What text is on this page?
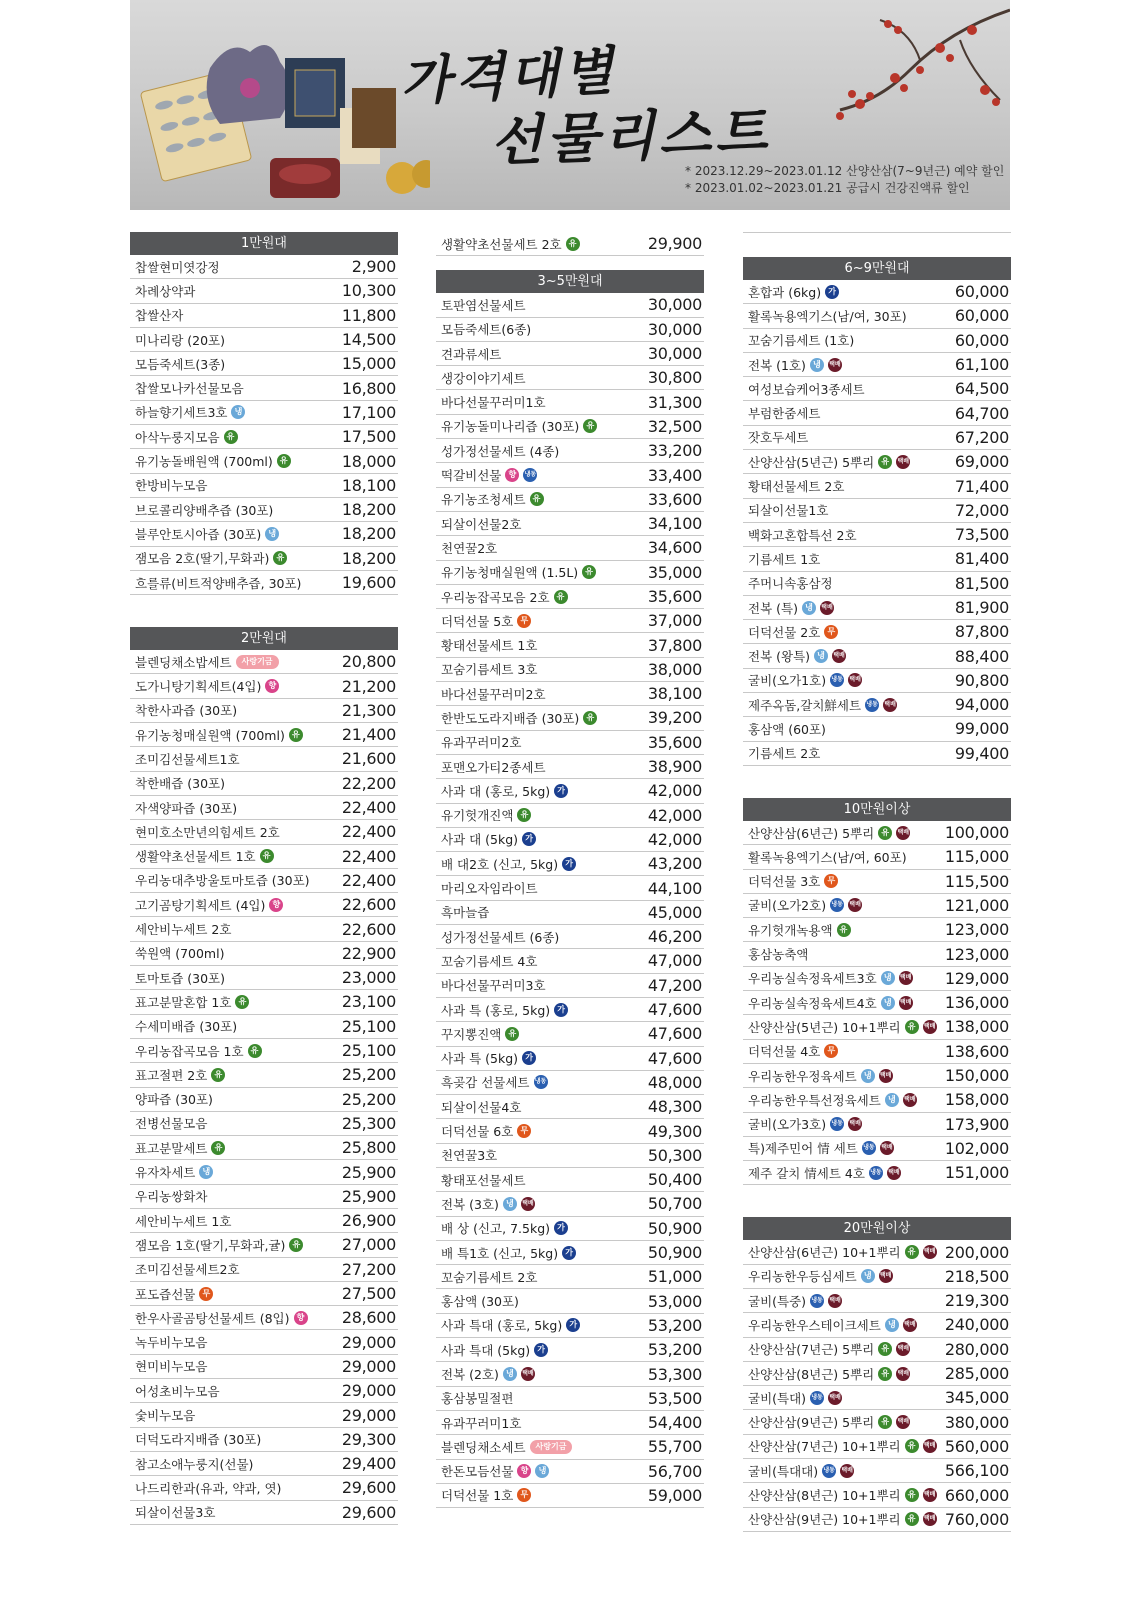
가격대별
선물리스트
* 2023.12.29~2023.01.12 산양산삼(7~9년근) 예약 할인
* 2023.01.02~2023.01.21 공급시 건강진액류 할인
1만원대
찹쌀현미엿강정	2,900
차례상약과	10,300
찹쌀산자	11,800
미나리랑 (20포)	14,500
모듬죽세트(3종)	15,000
찹쌀모나카선물모음	16,800
하늘향기세트3호 냉	17,100
아삭누룽지모음 유	17,500
유기농돌배원액 (700ml) 유	18,000
한방비누모음	18,100
브로콜리양배추즙 (30포)	18,200
블루안토시아즙 (30포) 냉	18,200
잼모음 2호(딸기,무화과) 유	18,200
흐를류(비트적양배추즙, 30포)	19,600
2만원대
블렌딩채소밥세트	사랑기금	20,800
도가니탕기획세트(4입) 향	21,200
착한사과즙 (30포)	21,300
유기농청매실원액 (700ml) 유	21,400
조미김선물세트1호	21,600
착한배즙 (30포)	22,200
자색양파즙 (30포)	22,400
현미호소만년의힘세트 2호	22,400
생활약초선물세트 1호 유	22,400
우리농대추방울토마토즙 (30포) 22,400
고기곰탕기획세트 (4입) 향	22,600
세안비누세트 2호	22,600
쑥원액 (700ml)	22,900
토마토즙 (30포)	23,000
표고분말혼합 1호 유	23,100
수세미배즙 (30포)	25,100
우리농잡곡모음 1호 유	25,100
표고절편 2호 유	25,200
양파즙 (30포)	25,200
전병선물모음	25,300
표고분말세트 유	25,800
유자차세트 냉	25,900
우리농쌍화차	25,900
세안비누세트 1호	26,900
잼모음 1호(딸기,무화과,귤) 유	27,000
조미김선물세트2호	27,200
포도즙선물 무	27,500
한우사골곰탕선물세트 (8입) 향 28,600
녹두비누모음	29,000
현미비누모음	29,000
어성초비누모음	29,000
숯비누모음	29,000
더덕도라지배즙 (30포)	29,300
참고소애누룽지(선물)	29,400
나드리한과(유과, 약과, 엿)	29,600
되살이선물3호	29,600
생활약초선물세트 2호 유	29,900
3~5만원대
토판염선물세트	30,000
모듬죽세트(6종)	30,000
견과류세트	30,000
생강이야기세트	30,800
바다선물꾸러미1호	31,300
유기농돌미나리즙 (30포) 유	32,500
성가정선물세트 (4종)	33,200
떡갈비선물 향	냉동	33,400
유기농조청세트 유	33,600
되살이선물2호	34,100
천연꿀2호	34,600
유기농청매실원액 (1.5L) 유	35,000
우리농잡곡모음 2호 유	35,600
더덕선물 5호 무	37,000
황태선물세트 1호	37,800
꼬숨기름세트 3호	38,000
바다선물꾸러미2호	38,100
한반도도라지배즙 (30포) 유	39,200
유과꾸러미2호	35,600
포맨오가티2종세트	38,900
사과 대 (홍로, 5kg) 가	42,000
유기헛개진액 유	42,000
사과 대 (5kg) 가	42,000
배 대2호 (신고, 5kg) 가	43,200
마리오자임라이트	44,100
흑마늘즙	45,000
성가정선물세트 (6종)	46,200
꼬숨기름세트 4호	47,000
바다선물꾸러미3호	47,200
사과 특 (홍로, 5kg) 가	47,600
꾸지뽕진액 유	47,600
사과 특 (5kg) 가	47,600
흑곶감 선물세트 냉동	48,000
되살이선물4호	48,300
더덕선물 6호 무	49,300
천연꿀3호	50,300
황태포선물세트	50,400
전복 (3호) 냉	택배	50,700
배 상 (신고, 7.5kg) 가	50,900
배 특1호 (신고, 5kg) 가	50,900
꼬숨기름세트 2호	51,000
홍삼액 (30포)	53,000
사과 특대 (홍로, 5kg) 가	53,200
사과 특대 (5kg) 가	53,200
전복 (2호) 냉	택배	53,300
홍삼봉밀절편	53,500
유과꾸러미1호	54,400
블렌딩채소세트	사랑기금	55,700
한돈모듬선물 향	냉	56,700
더덕선물 1호 무	59,000
6~9만원대
혼합과 (6kg) 가	60,000
활록녹용엑기스(남/여, 30포)	60,000
꼬숨기름세트 (1호)	60,000
전복 (1호) 냉	택배	61,100
여성보습케어3종세트	64,500
부럼한줌세트	64,700
잣호두세트	67,200
산양산삼(5년근) 5뿌리 유	택배	69,000
황태선물세트 2호	71,400
되살이선물1호	72,000
백화고혼합특선 2호	73,500
기름세트 1호	81,400
주머니속홍삼정	81,500
전복 (특) 냉	택배	81,900
더덕선물 2호 무	87,800
전복 (왕특) 냉	택배	88,400
굴비(오가1호) 냉동 택배	90,800
제주옥돔,갈치鮮세트 냉동 택배	94,000
홍삼액 (60포)	99,000
기름세트 2호	99,400
10만원이상
산양산삼(6년근) 5뿌리 유	택배 100,000
활록녹용엑기스(남/여, 60포) 115,000
더덕선물 3호 무	115,500
굴비(오가2호) 냉동 택배	121,000
유기헛개녹용액 유	123,000
홍삼농축액	123,000
우리농실속정육세트3호 냉	택배 129,000
우리농실속정육세트4호 냉	택배 136,000
산양산삼(5년근) 10+1뿌리 유	택배 138,000
더덕선물 4호 무	138,600
우리농한우정육세트 냉	택배	150,000
우리농한우특선정육세트 냉	택배 158,000
굴비(오가3호) 냉동 택배	173,900
특)제주민어 情 세트 냉동 택배	102,000
제주 갈치 情세트 4호 냉동 택배	151,000
20만원이상
산양산삼(6년근) 10+1뿌리 유	택배 200,000
우리농한우등심세트 냉	택배	218,500
굴비(특중) 냉동 택배	219,300
우리농한우스테이크세트 냉	택배 240,000
산양산삼(7년근) 5뿌리 유	택배 280,000
산양산삼(8년근) 5뿌리 유	택배 285,000
굴비(특대) 냉동 택배	345,000
산양산삼(9년근) 5뿌리 유	택배 380,000
산양산삼(7년근) 10+1뿌리 유	택배 560,000
굴비(특대대) 냉동 택배	566,100
산양산삼(8년근) 10+1뿌리 유	택배 660,000
산양산삼(9년근) 10+1뿌리 유	택배 760,000
